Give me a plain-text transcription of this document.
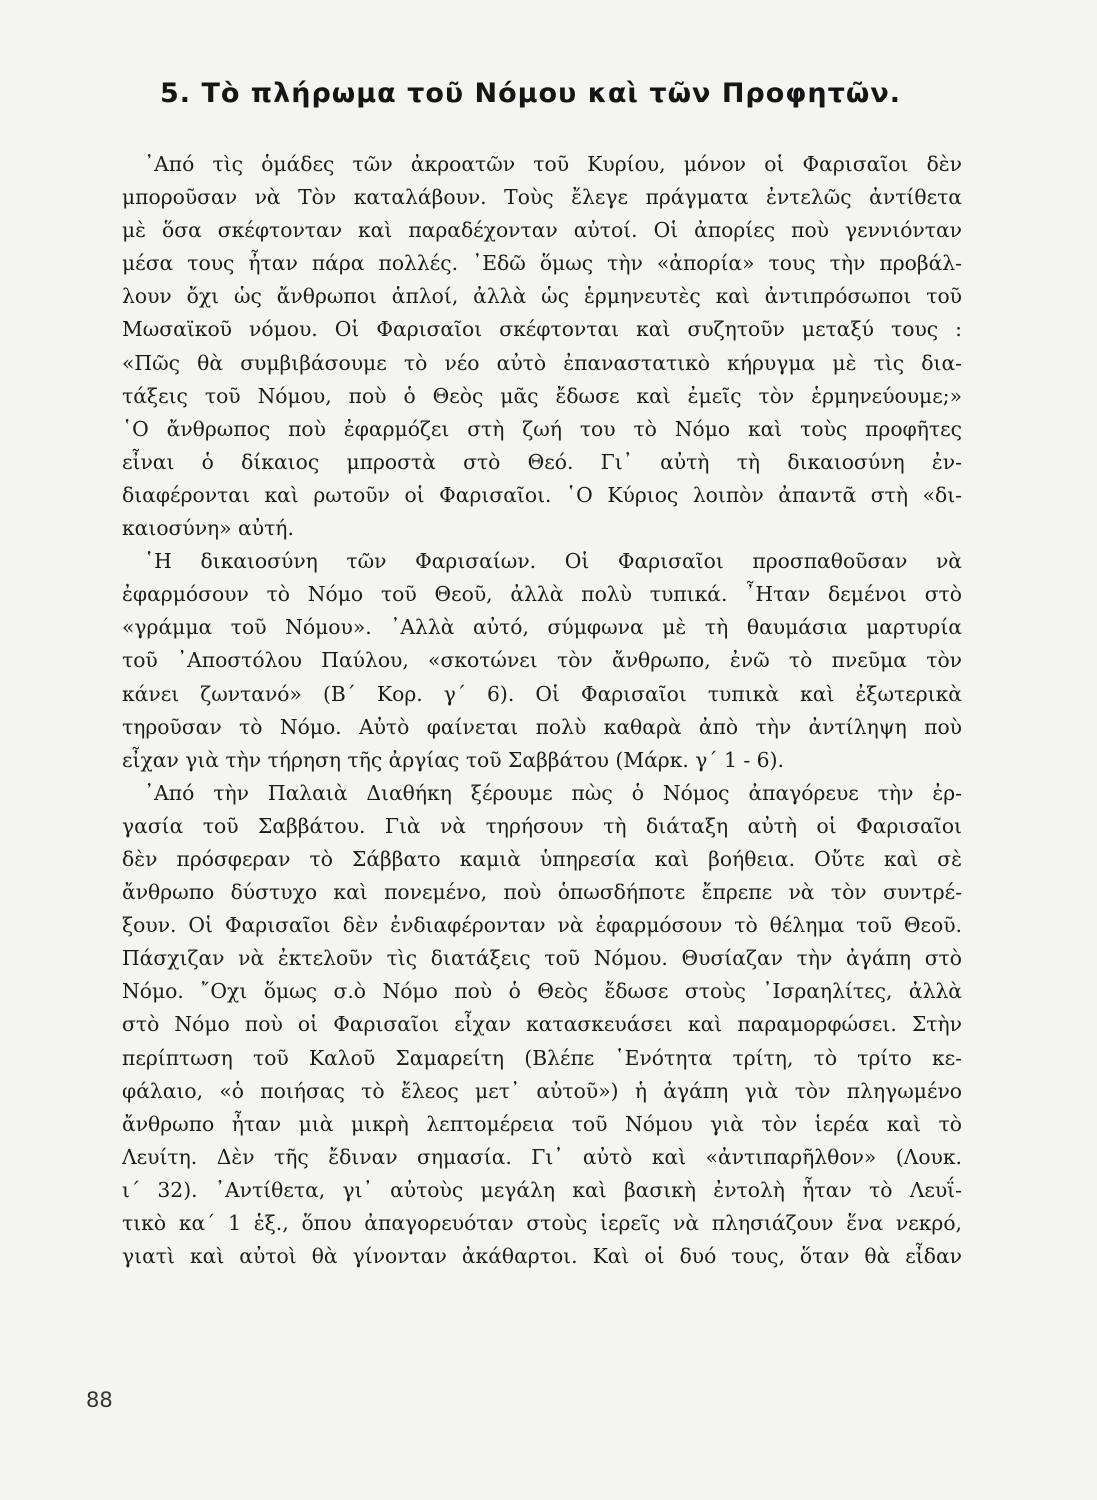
5. Τὸ πλήρωμα τοῦ Νόμου καὶ τῶν Προφητῶν.
᾿Από τὶς ὁμάδες τῶν ἀκροατῶν τοῦ Κυρίου, μόνον οἱ Φαρισαῖοι δὲν
μποροῦσαν νὰ Τὸν καταλάβουν. Τοὺς ἔλεγε πράγματα ἐντελῶς ἀντίθετα
μὲ ὅσα σκέφτονταν καὶ παραδέχονταν αὐτοί. Οἱ ἀπορίες ποὺ γεννιόνταν
μέσα τους ἦταν πάρα πολλές. ᾿Εδῶ ὅμως τὴν «ἀπορία» τους τὴν προβάλ-
λουν ὄχι ὡς ἄνθρωποι ἁπλοί, ἀλλὰ ὡς ἑρμηνευτὲς καὶ ἀντιπρόσωποι τοῦ
Μωσαϊκοῦ νόμου. Οἱ Φαρισαῖοι σκέφτονται καὶ συζητοῦν μεταξύ τους :
«Πῶς θὰ συμβιβάσουμε τὸ νέο αὐτὸ ἐπαναστατικὸ κήρυγμα μὲ τὶς δια-
τάξεις τοῦ Νόμου, ποὺ ὁ Θεὸς μᾶς ἔδωσε καὶ ἐμεῖς τὸν ἑρμηνεύουμε;»
῾Ο ἄνθρωπος ποὺ ἐφαρμόζει στὴ ζωή του τὸ Νόμο καὶ τοὺς προφῆτες
εἶναι ὁ δίκαιος μπροστὰ στὸ Θεό. Γι᾿ αὐτὴ τὴ δικαιοσύνη ἐν-
διαφέρονται καὶ ρωτοῦν οἱ Φαρισαῖοι. ῾Ο Κύριος λοιπὸν ἀπαντᾶ στὴ «δι-
καιοσύνη» αὐτή.
῾Η δικαιοσύνη τῶν Φαρισαίων. Οἱ Φαρισαῖοι προσπαθοῦσαν νὰ
ἐφαρμόσουν τὸ Νόμο τοῦ Θεοῦ, ἀλλὰ πολὺ τυπικά. ῏Ηταν δεμένοι στὸ
«γράμμα τοῦ Νόμου». ᾿Αλλὰ αὐτό, σύμφωνα μὲ τὴ θαυμάσια μαρτυρία
τοῦ ᾿Αποστόλου Παύλου, «σκοτώνει τὸν ἄνθρωπο, ἐνῶ τὸ πνεῦμα τὸν
κάνει ζωντανό» (Β΄ Κορ. γ΄ 6). Οἱ Φαρισαῖοι τυπικὰ καὶ ἐξωτερικὰ
τηροῦσαν τὸ Νόμο. Αὐτὸ φαίνεται πολὺ καθαρὰ ἀπὸ τὴν ἀντίληψη ποὺ
εἶχαν γιὰ τὴν τήρηση τῆς ἀργίας τοῦ Σαββάτου (Μάρκ. γ΄ 1 - 6).
᾿Από τὴν Παλαιὰ Διαθήκη ξέρουμε πὼς ὁ Νόμος ἀπαγόρευε τὴν ἐρ-
γασία τοῦ Σαββάτου. Γιὰ νὰ τηρήσουν τὴ διάταξη αὐτὴ οἱ Φαρισαῖοι
δὲν πρόσφεραν τὸ Σάββατο καμιὰ ὑπηρεσία καὶ βοήθεια. Οὔτε καὶ σὲ
ἄνθρωπο δύστυχο καὶ πονεμένο, ποὺ ὁπωσδήποτε ἔπρεπε νὰ τὸν συντρέ-
ξουν. Οἱ Φαρισαῖοι δὲν ἐνδιαφέρονταν νὰ ἐφαρμόσουν τὸ θέλημα τοῦ Θεοῦ.
Πάσχιζαν νὰ ἐκτελοῦν τὶς διατάξεις τοῦ Νόμου. Θυσίαζαν τὴν ἀγάπη στὸ
Νόμο. ῎Οχι ὅμως σ.ὸ Νόμο ποὺ ὁ Θεὸς ἔδωσε στοὺς ᾿Ισραηλίτες, ἀλλὰ
στὸ Νόμο ποὺ οἱ Φαρισαῖοι εἶχαν κατασκευάσει καὶ παραμορφώσει. Στὴν
περίπτωση τοῦ Καλοῦ Σαμαρείτη (Βλέπε ῾Ενότητα τρίτη, τὸ τρίτο κε-
φάλαιο, «ὁ ποιήσας τὸ ἔλεος μετ᾿ αὐτοῦ») ἡ ἀγάπη γιὰ τὸν πληγωμένο
ἄνθρωπο ἦταν μιὰ μικρὴ λεπτομέρεια τοῦ Νόμου γιὰ τὸν ἱερέα καὶ τὸ
Λευίτη. Δὲν τῆς ἔδιναν σημασία. Γι᾿ αὐτὸ καὶ «ἀντιπαρῆλθον» (Λουκ.
ι΄ 32). ᾿Αντίθετα, γι᾿ αὐτοὺς μεγάλη καὶ βασικὴ ἐντολὴ ἦταν τὸ Λευΐ-
τικὸ κα΄ 1 ἑξ., ὅπου ἀπαγορευόταν στοὺς ἱερεῖς νὰ πλησιάζουν ἕνα νεκρό,
γιατὶ καὶ αὐτοὶ θὰ γίνονταν ἀκάθαρτοι. Καὶ οἱ δυό τους, ὅταν θὰ εἶδαν
88
